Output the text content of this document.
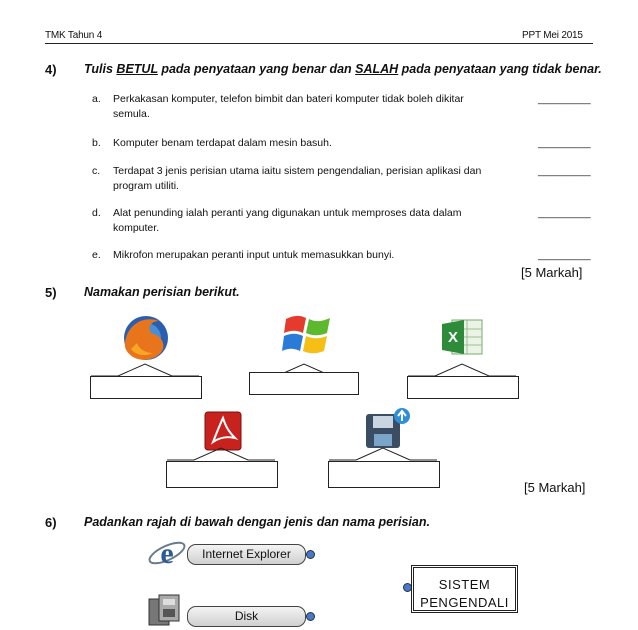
TMK Tahun 4	PPT Mei 2015
4) Tulis BETUL pada penyataan yang benar dan SALAH pada penyataan yang tidak benar.
a. Perkakasan komputer, telefon bimbit dan bateri komputer tidak boleh dikitar
semula.
_________
b. Komputer benam terdapat dalam mesin basuh.	_________
c. Terdapat 3 jenis perisian utama iaitu sistem pengendalian, perisian aplikasi dan
program utiliti.
_________
d. Alat penunding ialah peranti yang digunakan untuk memproses data dalam
komputer.
_________
e. Mikrofon merupakan peranti input untuk memasukkan bunyi.	_________
[5 Markah]
5) Namakan perisian berikut.
X
[5 Markah]
6) Padankan rajah di bawah dengan jenis dan nama perisian.
e	Internet Explorer
Disk
SISTEM PENGENDALI
